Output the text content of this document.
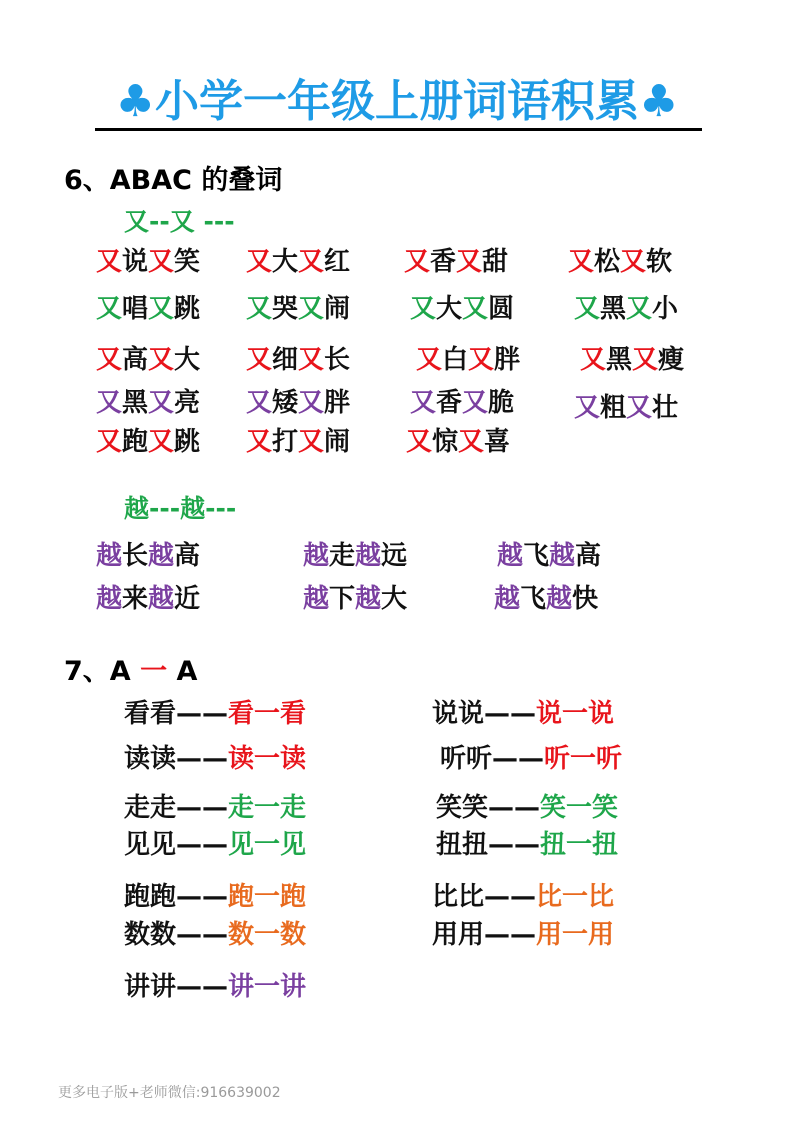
♣小学一年级上册词语积累♣
6、ABAC 的叠词
又--又 ---
又说又笑 又大又红 又香又甜 又松又软
又唱又跳 又哭又闹 又大又圆 又黑又小
又高又大 又细又长	又白又胖 又黑又瘦
又黑又亮 又矮又胖 又香又脆 又粗又壮
又跑又跳 又打又闹 又惊又喜
越---越---
越长越高	越走越远	越飞越高
越来越近	越下越大	越飞越快
7、A 一 A
看看——看一看	说说——说一说
读读——读一读	听听——听一听
走走——走一走	笑笑——笑一笑
见见——见一见	扭扭——扭一扭
跑跑——跑一跑	比比——比一比
数数——数一数	用用——用一用
讲讲——讲一讲
更多电子版+老师微信:916639002
